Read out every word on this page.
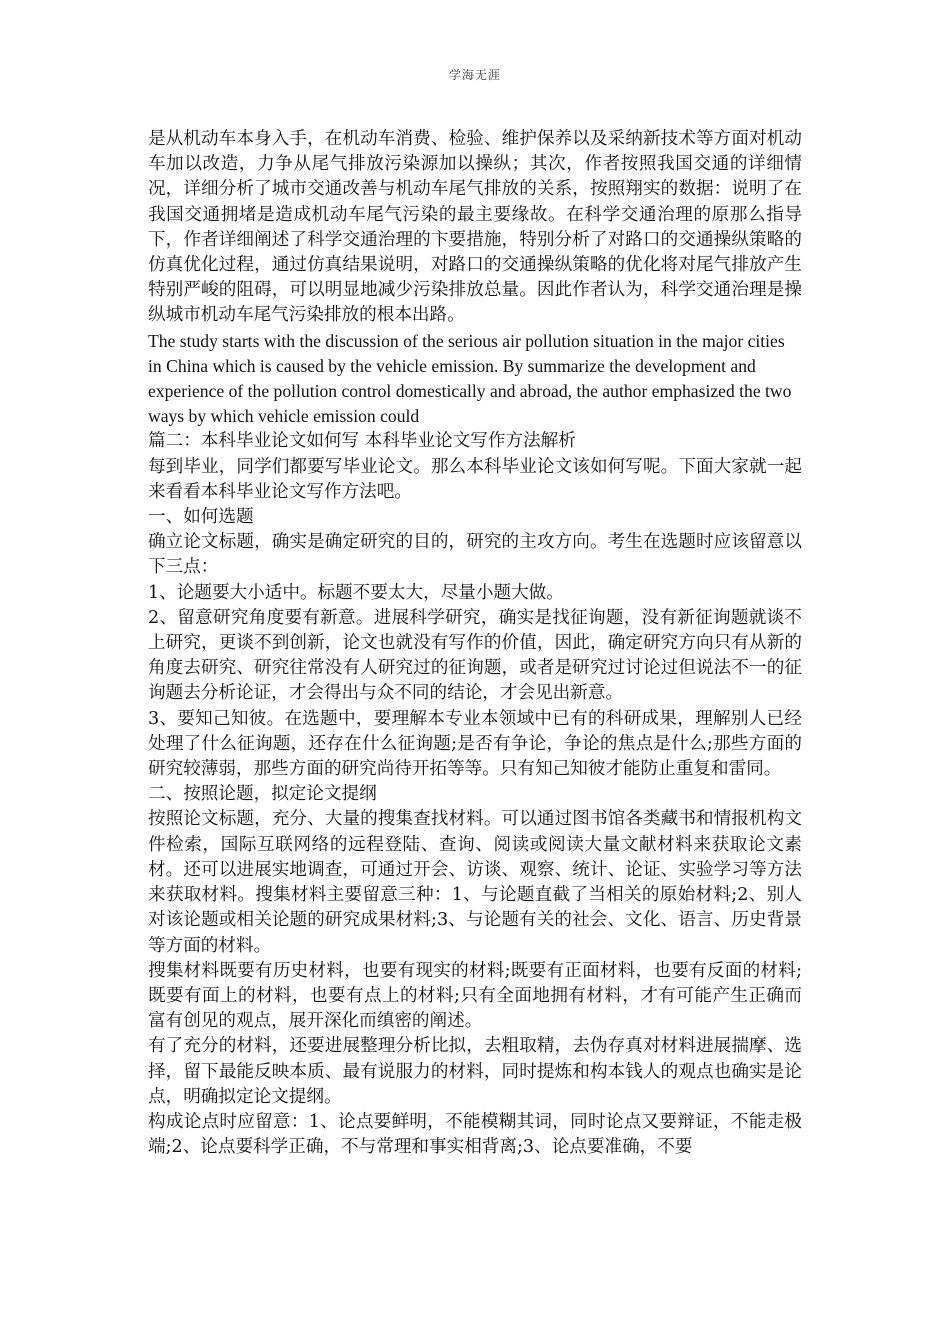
学海无涯

是从机动车本身入手，在机动车消费、检验、维护保养以及采纳新技术等方面对机动车加以改造，力争从尾气排放污染源加以操纵；其次，作者按照我国交通的详细情况，详细分析了城市交通改善与机动车尾气排放的关系，按照翔实的数据：说明了在我国交通拥堵是造成机动车尾气污染的最主要缘故。在科学交通治理的原那么指导下，作者详细阐述了科学交通治理的卞要措施，特别分析了对路口的交通操纵策略的仿真优化过程，通过仿真结果说明，对路口的交通操纵策略的优化将对尾气排放产生特别严峻的阻碍，可以明显地减少污染排放总量。因此作者认为，科学交通治理是操纵城市机动车尾气污染排放的根本出路。

The study starts with the discussion of the serious air pollution situation in the major cities in China which is caused by the vehicle emission. By summarize the development and experience of the pollution control domestically and abroad, the author emphasized the two ways by which vehicle emission could

篇二：本科毕业论文如何写 本科毕业论文写作方法解析

每到毕业，同学们都要写毕业论文。那么本科毕业论文该如何写呢。下面大家就一起来看看本科毕业论文写作方法吧。

一、如何选题

确立论文标题，确实是确定研究的目的，研究的主攻方向。考生在选题时应该留意以下三点：

1、论题要大小适中。标题不要太大，尽量小题大做。

2、留意研究角度要有新意。进展科学研究，确实是找征询题，没有新征询题就谈不上研究，更谈不到创新，论文也就没有写作的价值，因此，确定研究方向只有从新的角度去研究、研究往常没有人研究过的征询题，或者是研究过讨论过但说法不一的征询题去分析论证，才会得出与众不同的结论，才会见出新意。

3、要知己知彼。在选题中，要理解本专业本领域中已有的科研成果，理解别人已经处理了什么征询题，还存在什么征询题;是否有争论，争论的焦点是什么;那些方面的研究较薄弱，那些方面的研究尚待开拓等等。只有知己知彼才能防止重复和雷同。

二、按照论题，拟定论文提纲

按照论文标题，充分、大量的搜集查找材料。可以通过图书馆各类藏书和情报机构文件检索，国际互联网络的远程登陆、查询、阅读或阅读大量文献材料来获取论文素材。还可以进展实地调查，可通过开会、访谈、观察、统计、论证、实验学习等方法来获取材料。搜集材料主要留意三种：1、与论题直截了当相关的原始材料;2、别人对该论题或相关论题的研究成果材料;3、与论题有关的社会、文化、语言、历史背景等方面的材料。

搜集材料既要有历史材料，也要有现实的材料;既要有正面材料，也要有反面的材料;既要有面上的材料，也要有点上的材料;只有全面地拥有材料，才有可能产生正确而富有创见的观点，展开深化而缜密的阐述。

有了充分的材料，还要进展整理分析比拟，去粗取精，去伪存真对材料进展揣摩、选择，留下最能反映本质、最有说服力的材料，同时提炼和构本钱人的观点也确实是论点，明确拟定论文提纲。

构成论点时应留意：1、论点要鲜明，不能模糊其词，同时论点又要辩证，不能走极端;2、论点要科学正确，不与常理和事实相背离;3、论点要准确，不要
